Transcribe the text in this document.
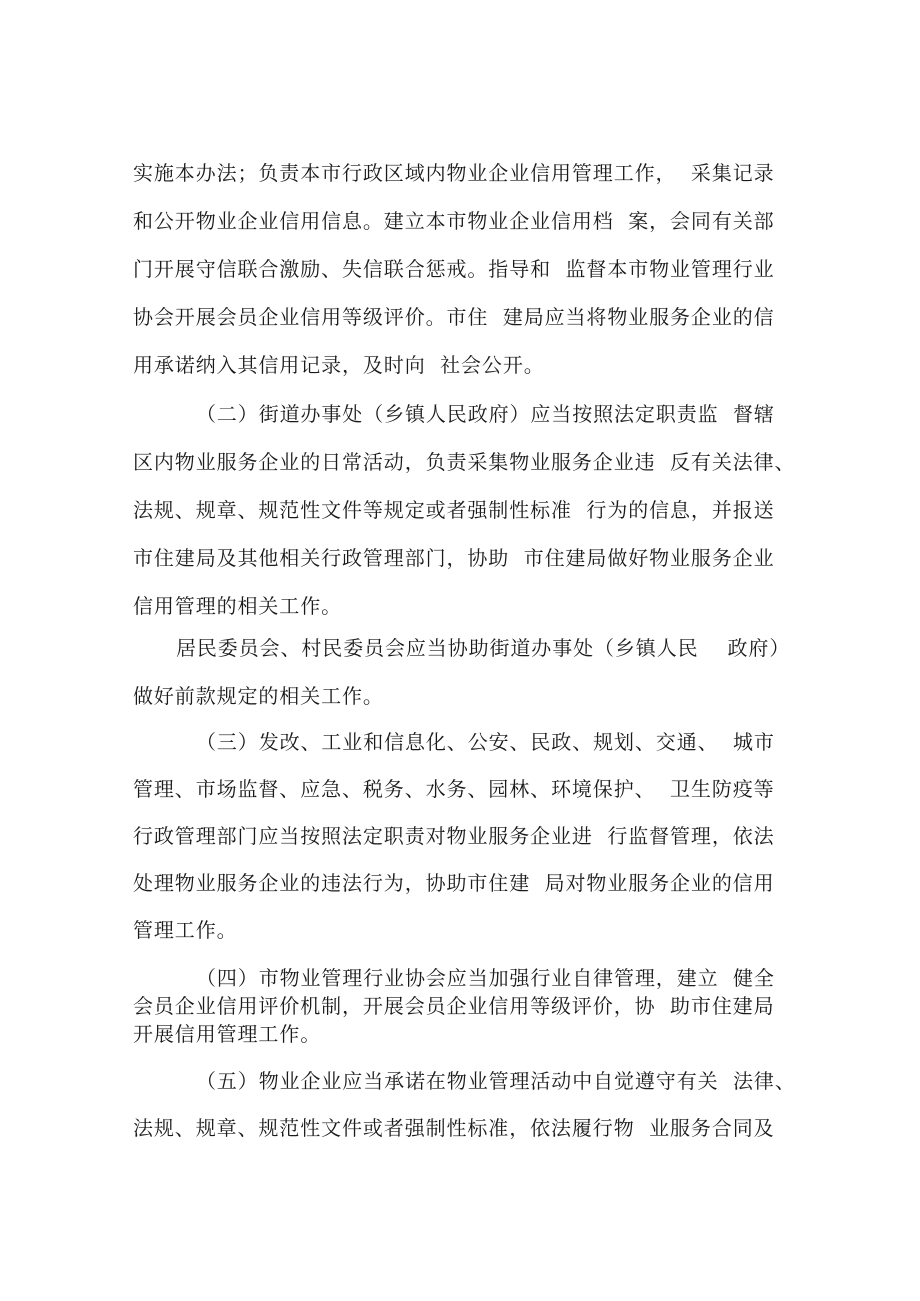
实施本办法；负责本市行政区域内物业企业信用管理工作，  采集记录
和公开物业企业信用信息。建立本市物业企业信用档  案，会同有关部
门开展守信联合激励、失信联合惩戒。指导和  监督本市物业管理行业
协会开展会员企业信用等级评价。市住  建局应当将物业服务企业的信
用承诺纳入其信用记录，及时向  社会公开。
（二）街道办事处（乡镇人民政府）应当按照法定职责监  督辖
区内物业服务企业的日常活动，负责采集物业服务企业违  反有关法律、
法规、规章、规范性文件等规定或者强制性标准  行为的信息，并报送
市住建局及其他相关行政管理部门，协助  市住建局做好物业服务企业
信用管理的相关工作。
居民委员会、村民委员会应当协助街道办事处（乡镇人民    政府）
做好前款规定的相关工作。
（三）发改、工业和信息化、公安、民政、规划、交通、  城市
管理、市场监督、应急、税务、水务、园林、环境保护、  卫生防疫等
行政管理部门应当按照法定职责对物业服务企业进  行监督管理，依法
处理物业服务企业的违法行为，协助市住建  局对物业服务企业的信用
管理工作。
（四）市物业管理行业协会应当加强行业自律管理，建立  健全
会员企业信用评价机制，开展会员企业信用等级评价，协  助市住建局
开展信用管理工作。
（五）物业企业应当承诺在物业管理活动中自觉遵守有关  法律、
法规、规章、规范性文件或者强制性标准，依法履行物  业服务合同及
